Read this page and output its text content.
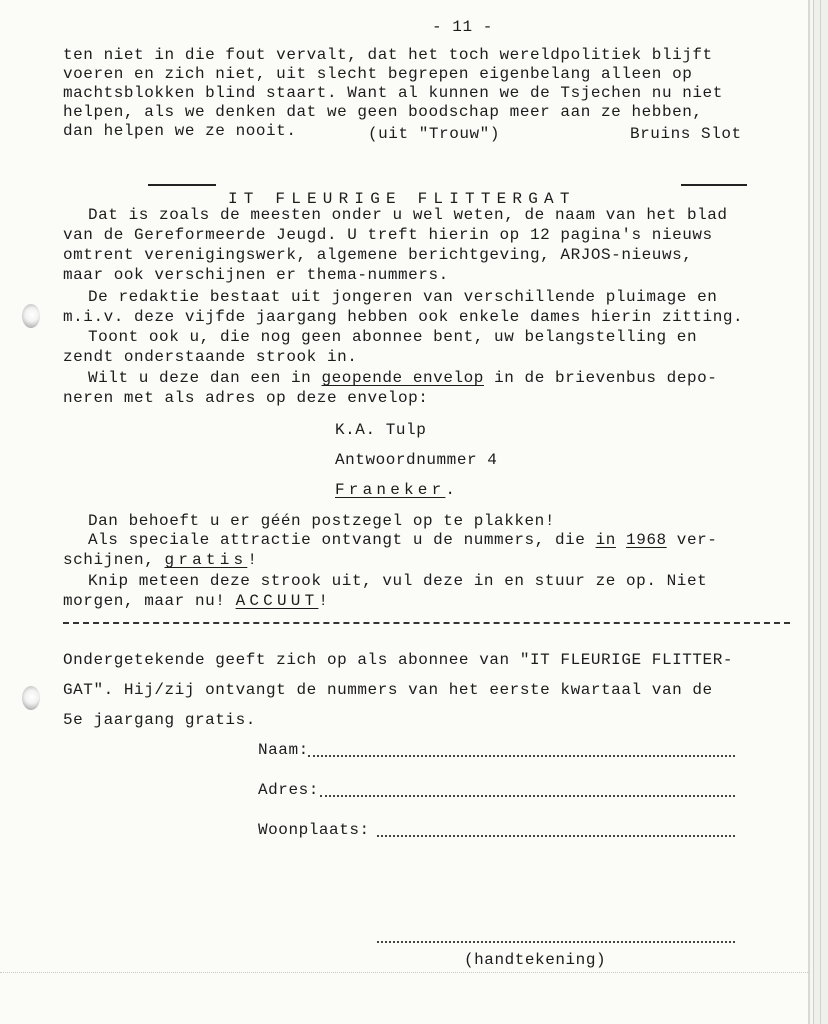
- 11 -

ten niet in die fout vervalt, dat het toch wereldpolitiek blijft

voeren en zich niet, uit slecht begrepen eigenbelang alleen op

machtsblokken blind staart. Want al kunnen we de Tsjechen nu niet

helpen, als we denken dat we geen boodschap meer aan ze hebben,

dan helpen we ze nooit.	(uit "Trouw")	Bruins Slot

IT FLEURIGE FLITTERGAT

Dat is zoals de meesten onder u wel weten, de naam van het blad

van de Gereformeerde Jeugd. U treft hierin op 12 pagina's nieuws

omtrent verenigingswerk, algemene berichtgeving, ARJOS-nieuws,

maar ook verschijnen er thema-nummers.

De redaktie bestaat uit jongeren van verschillende pluimage en

m.i.v. deze vijfde jaargang hebben ook enkele dames hierin zitting.

Toont ook u, die nog geen abonnee bent, uw belangstelling en

zendt onderstaande strook in.

Wilt u deze dan een in geopende envelop in de brievenbus depo-

neren met als adres op deze envelop:

K.A. Tulp

Antwoordnummer 4

Franeker.

Dan behoeft u er géén postzegel op te plakken!

Als speciale attractie ontvangt u de nummers, die in 1968 ver-

schijnen, gratis!

Knip meteen deze strook uit, vul deze in en stuur ze op. Niet

morgen, maar nu! ACCUUT!

Ondergetekende geeft zich op als abonnee van "IT FLEURIGE FLITTER-

GAT". Hij/zij ontvangt de nummers van het eerste kwartaal van de

5e jaargang gratis.

Naam:

Adres:

Woonplaats:

(handtekening)
